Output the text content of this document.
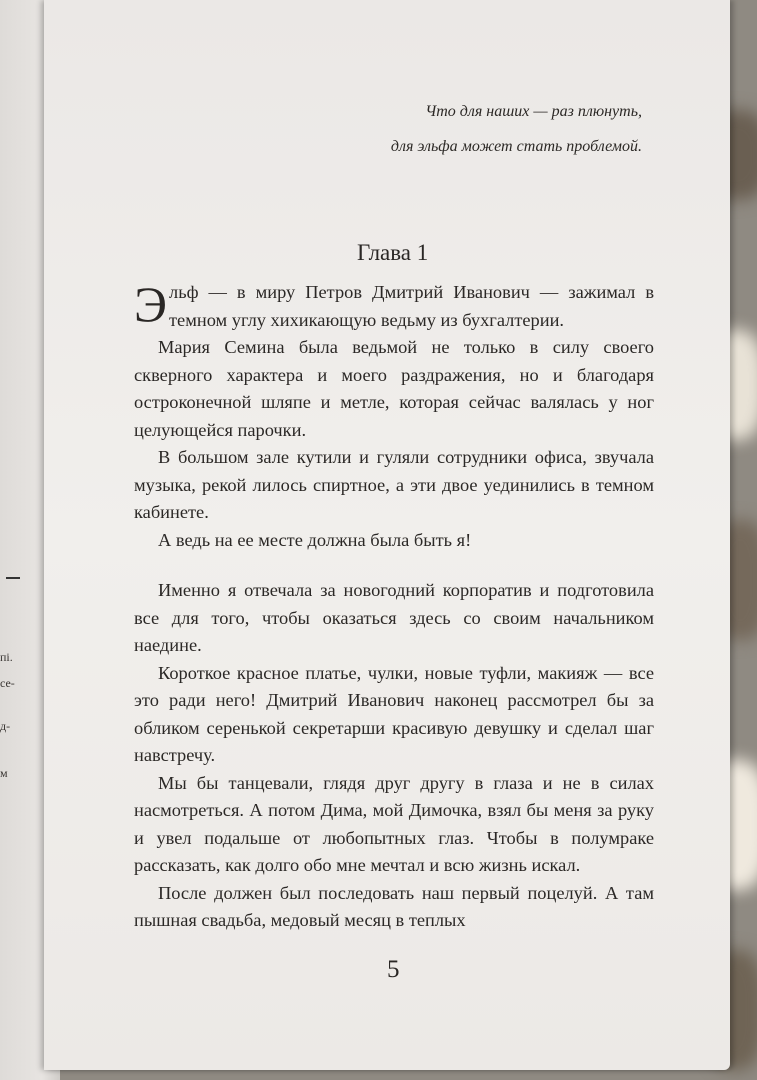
пі.
се-
д-
м
Что для наших — раз плюнуть,
для эльфа может стать проблемой.
Глава 1

Эльф — в миру Петров Дмитрий Иванович — зажимал в темном углу хихикающую ведьму из бухгалтерии.

Мария Семина была ведьмой не только в силу своего скверного характера и моего раздражения, но и благодаря остроконечной шляпе и метле, которая сейчас валялась у ног целующейся парочки.

В большом зале кутили и гуляли сотрудники офиса, звучала музыка, рекой лилось спиртное, а эти двое уединились в темном кабинете.

А ведь на ее месте должна была быть я!

Именно я отвечала за новогодний корпоратив и подготовила все для того, чтобы оказаться здесь со своим начальником наедине.

Короткое красное платье, чулки, новые туфли, макияж — все это ради него! Дмитрий Иванович наконец рассмотрел бы за обликом серенькой секретарши красивую девушку и сделал шаг навстречу.

Мы бы танцевали, глядя друг другу в глаза и не в силах насмотреться. А потом Дима, мой Димочка, взял бы меня за руку и увел подальше от любопытных глаз. Чтобы в полумраке рассказать, как долго обо мне мечтал и всю жизнь искал.

После должен был последовать наш первый поцелуй. А там пышная свадьба, медовый месяц в теплых

5
